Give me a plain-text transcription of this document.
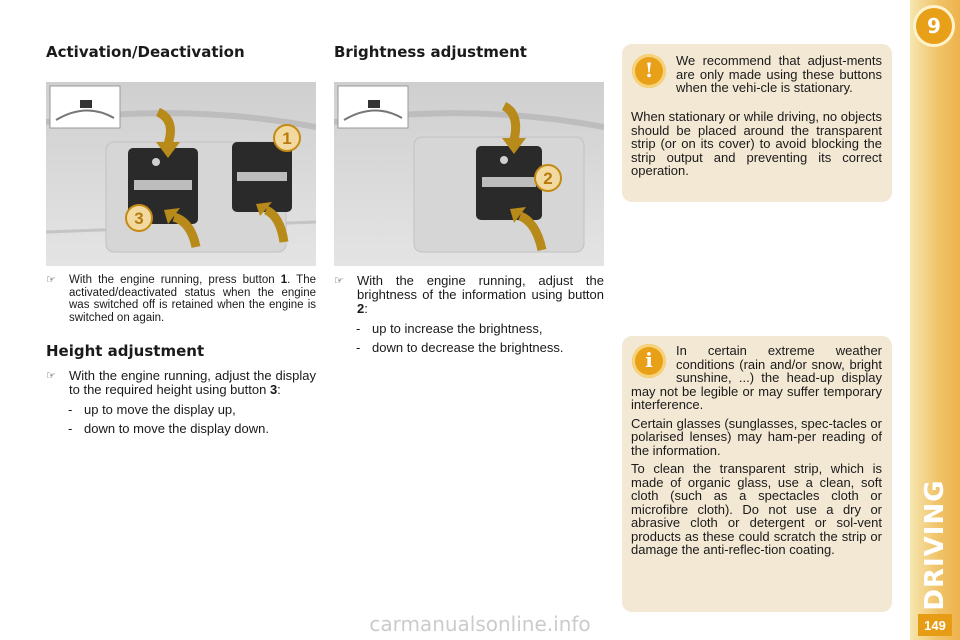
Activation/Deactivation
1
3
☞ With the engine running, press button 1. The activated/deactivated status when the engine was switched off is retained when the engine is switched on again.
Height adjustment
☞ With the engine running, adjust the display to the required height using button 3:
- up to move the display up,
- down to move the display down.
Brightness adjustment
2
☞ With the engine running, adjust the brightness of the information using button 2:
- up to increase the brightness,
- down to decrease the brightness.
!	We recommend that adjust-ments are only made using these buttons when the vehi-cle is stationary.

When stationary or while driving, no objects should be placed around the transparent strip (or on its cover) to avoid blocking the strip output and preventing its correct operation.

i	In certain extreme weather conditions (rain and/or snow, bright sunshine, ...) the head-up display may not be legible or may suffer temporary interference.

Certain glasses (sunglasses, spec-tacles or polarised lenses) may ham-per reading of the information.

To clean the transparent strip, which is made of organic glass, use a clean, soft cloth (such as a spectacles cloth or microfibre cloth). Do not use a dry or abrasive cloth or detergent or sol-vent products as these could scratch the strip or damage the anti-reflec-tion coating.

9
DRIVING
149
carmanualsonline.info
